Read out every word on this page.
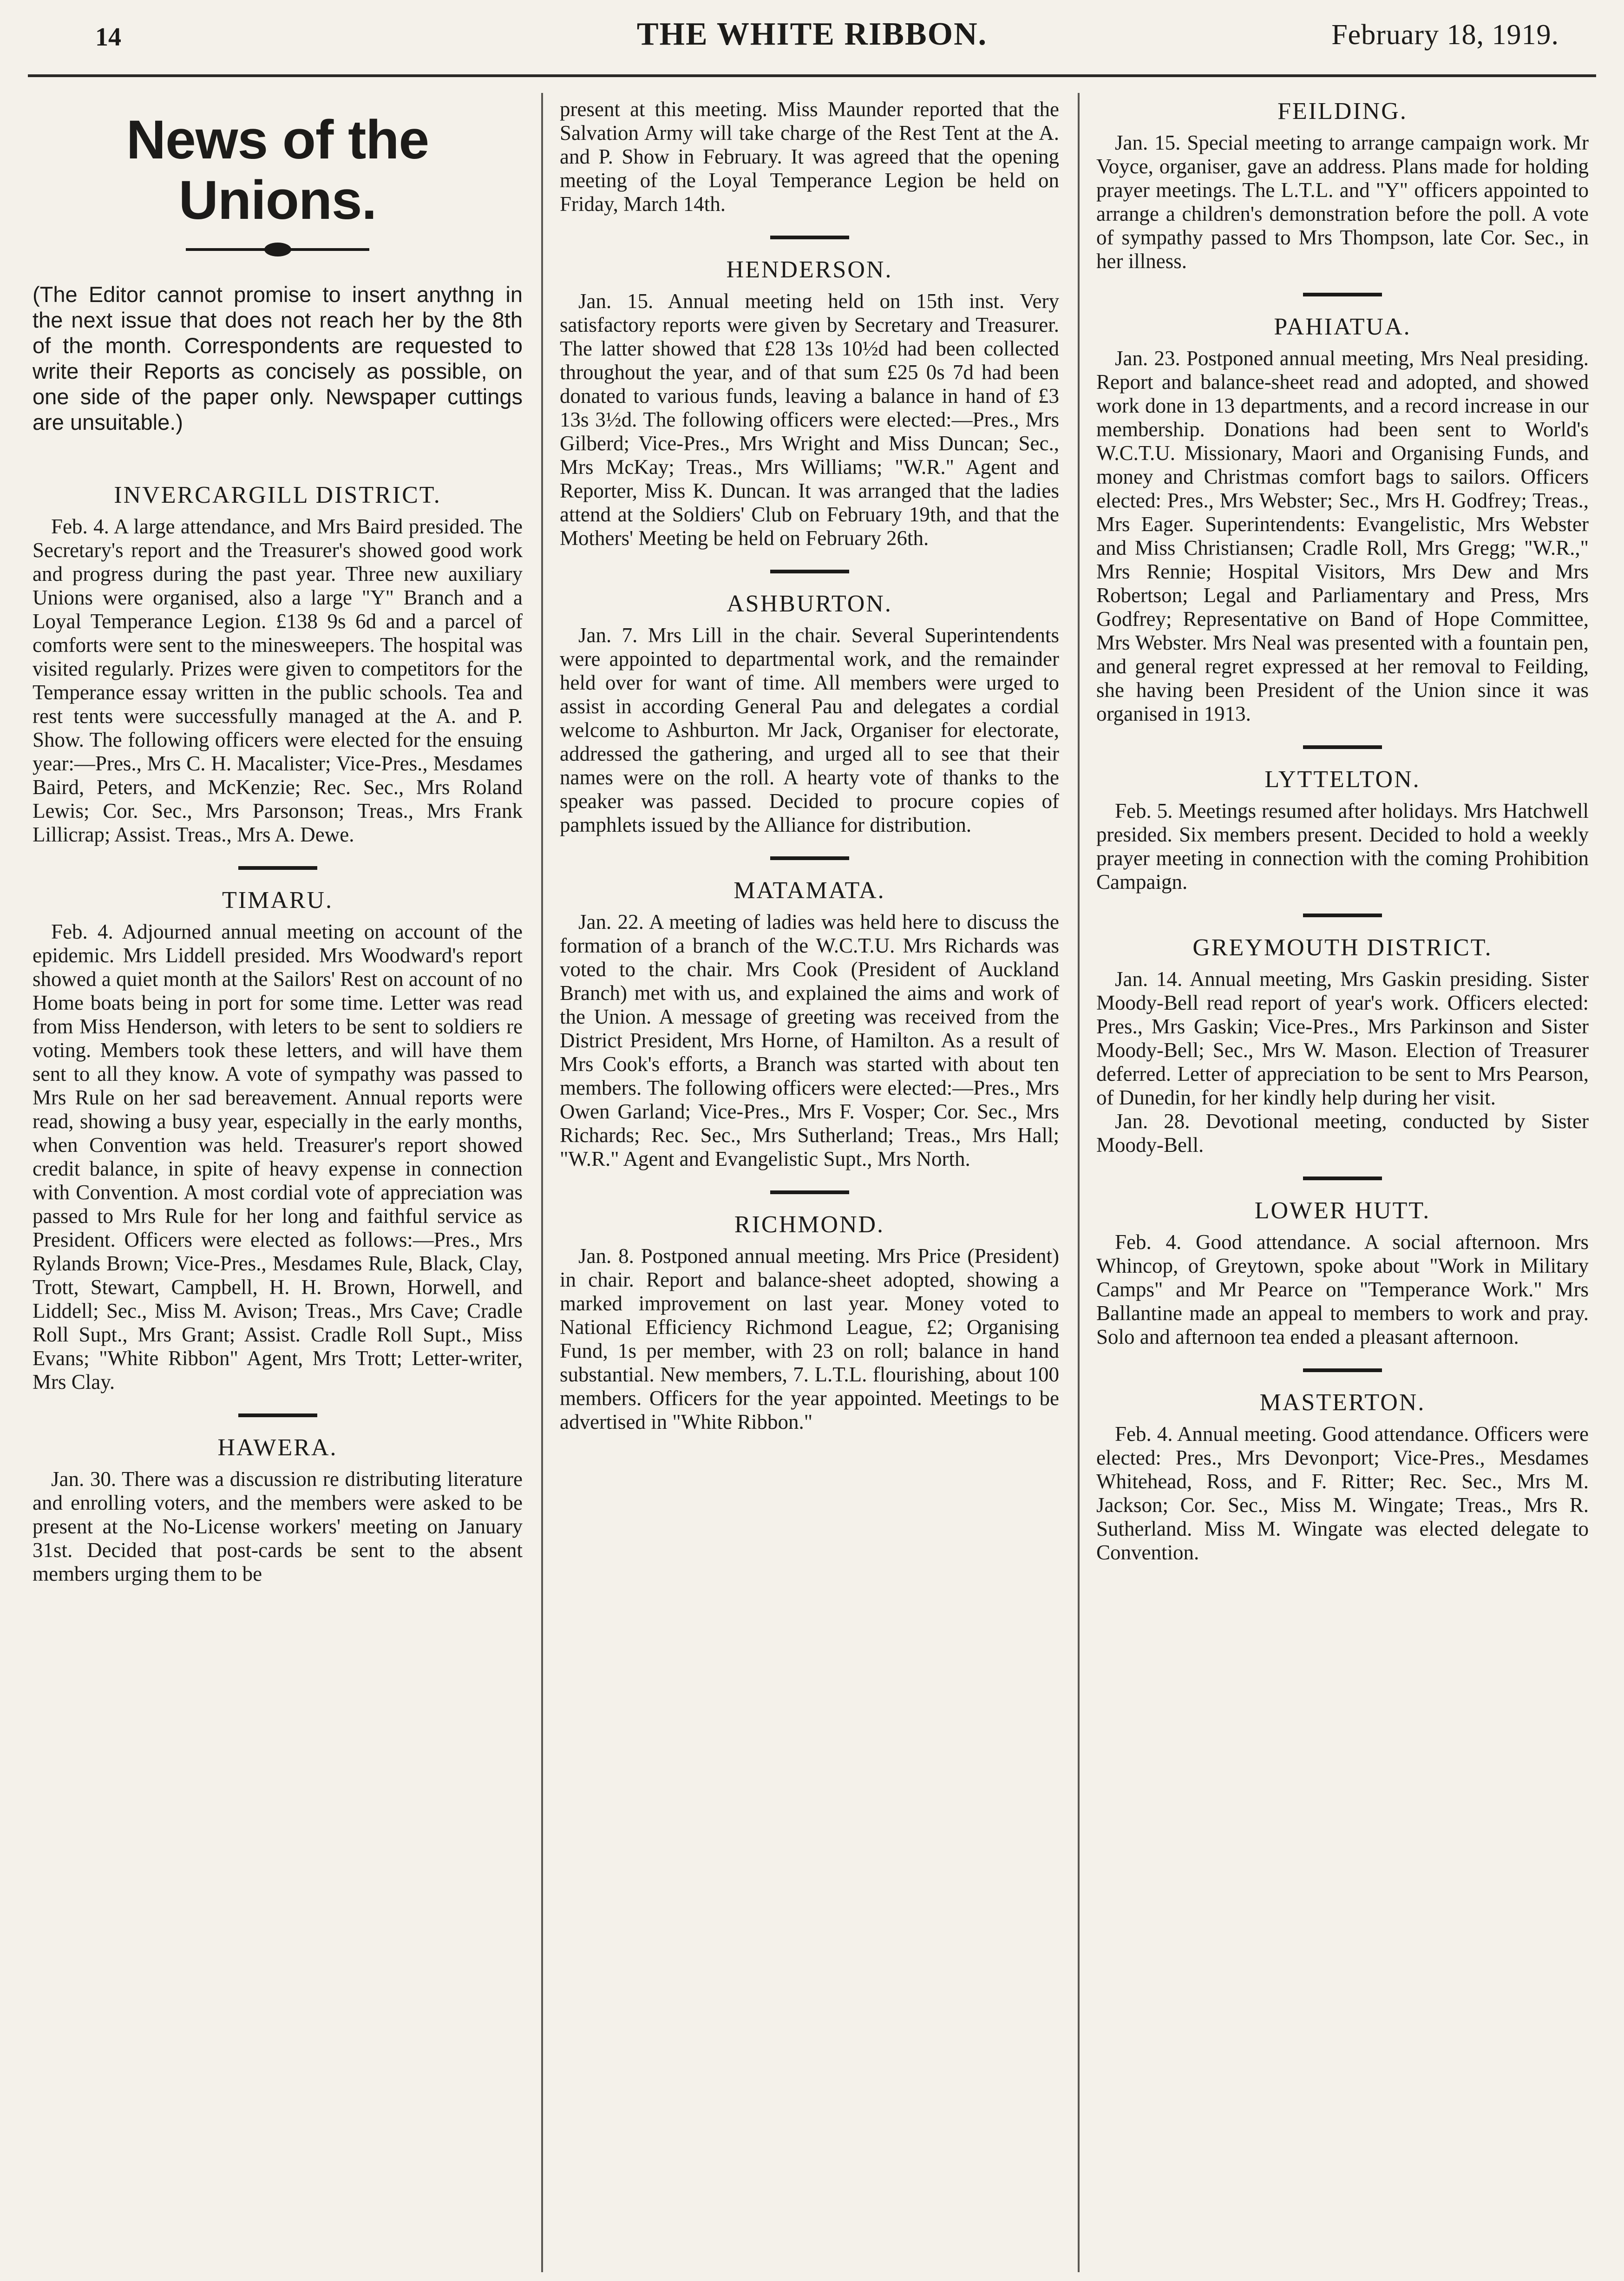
14	THE WHITE RIBBON.	February 18, 1919.
News of the Unions.

(The Editor cannot promise to insert anythng in the next issue that does not reach her by the 8th of the month. Correspondents are requested to write their Reports as concisely as possible, on one side of the paper only. Newspaper cuttings are unsuitable.)

INVERCARGILL DISTRICT.

Feb. 4. A large attendance, and Mrs Baird presided. The Secretary's report and the Treasurer's showed good work and progress during the past year. Three new auxiliary Unions were organised, also a large "Y" Branch and a Loyal Temperance Legion. £138 9s 6d and a parcel of comforts were sent to the minesweepers. The hospital was visited regularly. Prizes were given to competitors for the Temperance essay written in the public schools. Tea and rest tents were successfully managed at the A. and P. Show. The following officers were elected for the ensuing year:—Pres., Mrs C. H. Macalister; Vice-Pres., Mesdames Baird, Peters, and McKenzie; Rec. Sec., Mrs Roland Lewis; Cor. Sec., Mrs Parsonson; Treas., Mrs Frank Lillicrap; Assist. Treas., Mrs A. Dewe.

TIMARU.

Feb. 4. Adjourned annual meeting on account of the epidemic. Mrs Liddell presided. Mrs Woodward's report showed a quiet month at the Sailors' Rest on account of no Home boats being in port for some time. Letter was read from Miss Henderson, with leters to be sent to soldiers re voting. Members took these letters, and will have them sent to all they know. A vote of sympathy was passed to Mrs Rule on her sad bereavement. Annual reports were read, showing a busy year, especially in the early months, when Convention was held. Treasurer's report showed credit balance, in spite of heavy expense in connection with Convention. A most cordial vote of appreciation was passed to Mrs Rule for her long and faithful service as President. Officers were elected as follows:—Pres., Mrs Rylands Brown; Vice-Pres., Mesdames Rule, Black, Clay, Trott, Stewart, Campbell, H. H. Brown, Horwell, and Liddell; Sec., Miss M. Avison; Treas., Mrs Cave; Cradle Roll Supt., Mrs Grant; Assist. Cradle Roll Supt., Miss Evans; "White Ribbon" Agent, Mrs Trott; Letter-writer, Mrs Clay.

HAWERA.

Jan. 30. There was a discussion re distributing literature and enrolling voters, and the members were asked to be present at the No-License workers' meeting on January 31st. Decided that post-cards be sent to the absent members urging them to be

present at this meeting. Miss Maunder reported that the Salvation Army will take charge of the Rest Tent at the A. and P. Show in February. It was agreed that the opening meeting of the Loyal Temperance Legion be held on Friday, March 14th.

HENDERSON.

Jan. 15. Annual meeting held on 15th inst. Very satisfactory reports were given by Secretary and Treasurer. The latter showed that £28 13s 10½d had been collected throughout the year, and of that sum £25 0s 7d had been donated to various funds, leaving a balance in hand of £3 13s 3½d. The following officers were elected:—Pres., Mrs Gilberd; Vice-Pres., Mrs Wright and Miss Duncan; Sec., Mrs McKay; Treas., Mrs Williams; "W.R." Agent and Reporter, Miss K. Duncan. It was arranged that the ladies attend at the Soldiers' Club on February 19th, and that the Mothers' Meeting be held on February 26th.

ASHBURTON.

Jan. 7. Mrs Lill in the chair. Several Superintendents were appointed to departmental work, and the remainder held over for want of time. All members were urged to assist in according General Pau and delegates a cordial welcome to Ashburton. Mr Jack, Organiser for electorate, addressed the gathering, and urged all to see that their names were on the roll. A hearty vote of thanks to the speaker was passed. Decided to procure copies of pamphlets issued by the Alliance for distribution.

MATAMATA.

Jan. 22. A meeting of ladies was held here to discuss the formation of a branch of the W.C.T.U. Mrs Richards was voted to the chair. Mrs Cook (President of Auckland Branch) met with us, and explained the aims and work of the Union. A message of greeting was received from the District President, Mrs Horne, of Hamilton. As a result of Mrs Cook's efforts, a Branch was started with about ten members. The following officers were elected:—Pres., Mrs Owen Garland; Vice-Pres., Mrs F. Vosper; Cor. Sec., Mrs Richards; Rec. Sec., Mrs Sutherland; Treas., Mrs Hall; "W.R." Agent and Evangelistic Supt., Mrs North.

RICHMOND.

Jan. 8. Postponed annual meeting. Mrs Price (President) in chair. Report and balance-sheet adopted, showing a marked improvement on last year. Money voted to National Efficiency Richmond League, £2; Organising Fund, 1s per member, with 23 on roll; balance in hand substantial. New members, 7. L.T.L. flourishing, about 100 members. Officers for the year appointed. Meetings to be advertised in "White Ribbon."

FEILDING.

Jan. 15. Special meeting to arrange campaign work. Mr Voyce, organiser, gave an address. Plans made for holding prayer meetings. The L.T.L. and "Y" officers appointed to arrange a children's demonstration before the poll. A vote of sympathy passed to Mrs Thompson, late Cor. Sec., in her illness.

PAHIATUA.

Jan. 23. Postponed annual meeting, Mrs Neal presiding. Report and balance-sheet read and adopted, and showed work done in 13 departments, and a record increase in our membership. Donations had been sent to World's W.C.T.U. Missionary, Maori and Organising Funds, and money and Christmas comfort bags to sailors. Officers elected: Pres., Mrs Webster; Sec., Mrs H. Godfrey; Treas., Mrs Eager. Superintendents: Evangelistic, Mrs Webster and Miss Christiansen; Cradle Roll, Mrs Gregg; "W.R.," Mrs Rennie; Hospital Visitors, Mrs Dew and Mrs Robertson; Legal and Parliamentary and Press, Mrs Godfrey; Representative on Band of Hope Committee, Mrs Webster. Mrs Neal was presented with a fountain pen, and general regret expressed at her removal to Feilding, she having been President of the Union since it was organised in 1913.

LYTTELTON.

Feb. 5. Meetings resumed after holidays. Mrs Hatchwell presided. Six members present. Decided to hold a weekly prayer meeting in connection with the coming Prohibition Campaign.

GREYMOUTH DISTRICT.

Jan. 14. Annual meeting, Mrs Gaskin presiding. Sister Moody-Bell read report of year's work. Officers elected: Pres., Mrs Gaskin; Vice-Pres., Mrs Parkinson and Sister Moody-Bell; Sec., Mrs W. Mason. Election of Treasurer deferred. Letter of appreciation to be sent to Mrs Pearson, of Dunedin, for her kindly help during her visit.

Jan. 28. Devotional meeting, conducted by Sister Moody-Bell.

LOWER HUTT.

Feb. 4. Good attendance. A social afternoon. Mrs Whincop, of Greytown, spoke about "Work in Military Camps" and Mr Pearce on "Temperance Work." Mrs Ballantine made an appeal to members to work and pray. Solo and afternoon tea ended a pleasant afternoon.

MASTERTON.

Feb. 4. Annual meeting. Good attendance. Officers were elected: Pres., Mrs Devonport; Vice-Pres., Mesdames Whitehead, Ross, and F. Ritter; Rec. Sec., Mrs M. Jackson; Cor. Sec., Miss M. Wingate; Treas., Mrs R. Sutherland. Miss M. Wingate was elected delegate to Convention.
